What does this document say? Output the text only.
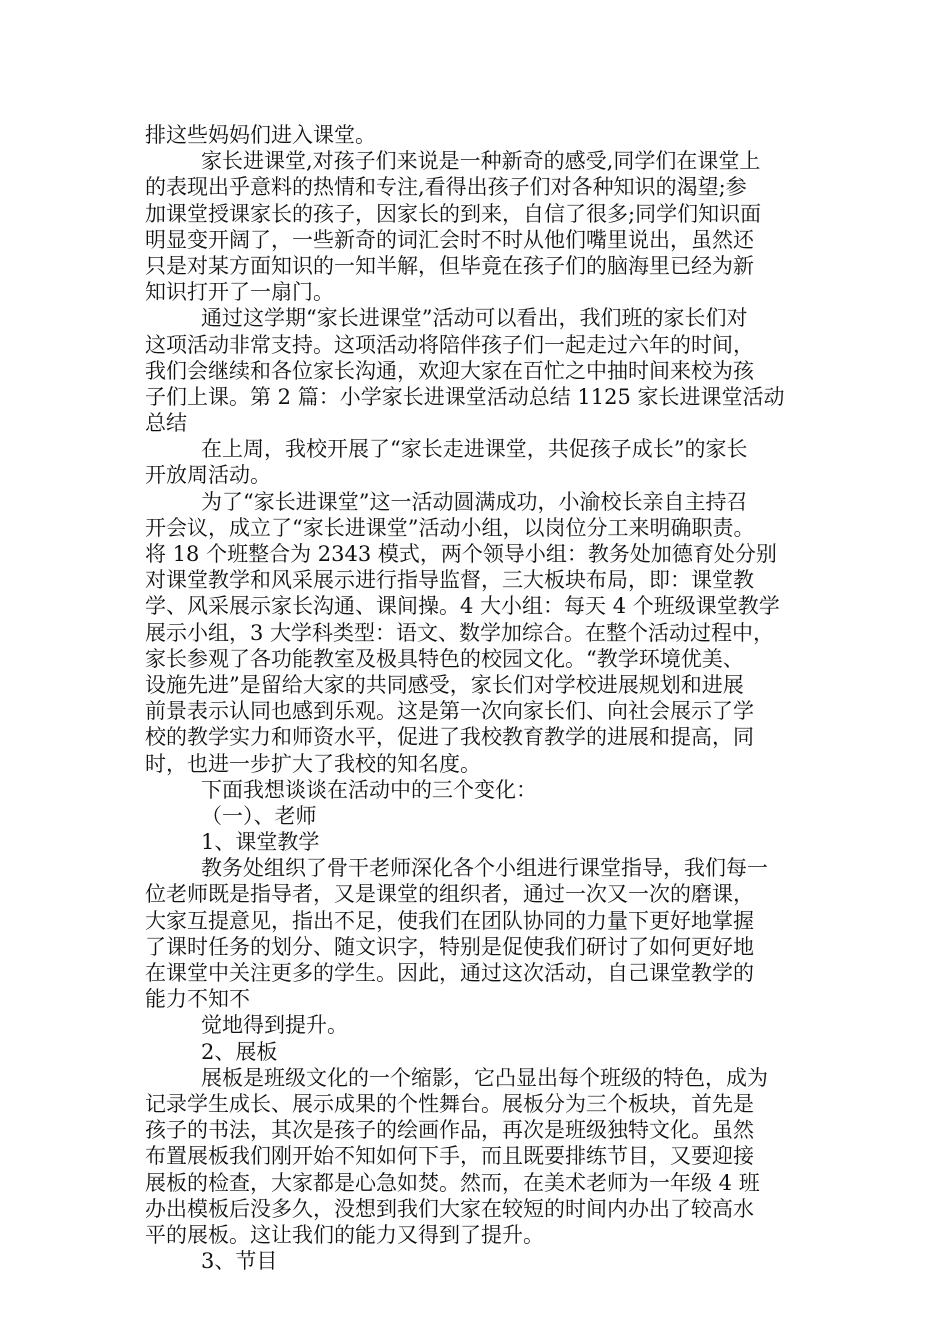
排这些妈妈们进入课堂。
家长进课堂,对孩子们来说是一种新奇的感受,同学们在课堂上
的表现出乎意料的热情和专注,看得出孩子们对各种知识的渴望;参
加课堂授课家长的孩子，因家长的到来，自信了很多;同学们知识面
明显变开阔了，一些新奇的词汇会时不时从他们嘴里说出，虽然还
只是对某方面知识的一知半解，但毕竟在孩子们的脑海里已经为新
知识打开了一扇门。
通过这学期“家长进课堂”活动可以看出，我们班的家长们对
这项活动非常支持。这项活动将陪伴孩子们一起走过六年的时间，
我们会继续和各位家长沟通，欢迎大家在百忙之中抽时间来校为孩
子们上课。第 2 篇：小学家长进课堂活动总结 1125 家长进课堂活动
总结
在上周，我校开展了“家长走进课堂，共促孩子成长”的家长
开放周活动。
为了“家长进课堂”这一活动圆满成功，小渝校长亲自主持召
开会议，成立了“家长进课堂”活动小组，以岗位分工来明确职责。
将 18 个班整合为 2343 模式，两个领导小组：教务处加德育处分别
对课堂教学和风采展示进行指导监督，三大板块布局，即：课堂教
学、风采展示家长沟通、课间操。4 大小组：每天 4 个班级课堂教学
展示小组，3 大学科类型：语文、数学加综合。在整个活动过程中，
家长参观了各功能教室及极具特色的校园文化。“教学环境优美、
设施先进”是留给大家的共同感受，家长们对学校进展规划和进展
前景表示认同也感到乐观。这是第一次向家长们、向社会展示了学
校的教学实力和师资水平，促进了我校教育教学的进展和提高，同
时，也进一步扩大了我校的知名度。
下面我想谈谈在活动中的三个变化：
（一）、老师
1、课堂教学
教务处组织了骨干老师深化各个小组进行课堂指导，我们每一
位老师既是指导者，又是课堂的组织者，通过一次又一次的磨课，
大家互提意见，指出不足，使我们在团队协同的力量下更好地掌握
了课时任务的划分、随文识字，特别是促使我们研讨了如何更好地
在课堂中关注更多的学生。因此，通过这次活动，自己课堂教学的
能力不知不
觉地得到提升。
2、展板
展板是班级文化的一个缩影，它凸显出每个班级的特色，成为
记录学生成长、展示成果的个性舞台。展板分为三个板块，首先是
孩子的书法，其次是孩子的绘画作品，再次是班级独特文化。虽然
布置展板我们刚开始不知如何下手，而且既要排练节目，又要迎接
展板的检查，大家都是心急如焚。然而，在美术老师为一年级 4 班
办出模板后没多久，没想到我们大家在较短的时间内办出了较高水
平的展板。这让我们的能力又得到了提升。
3、节目
